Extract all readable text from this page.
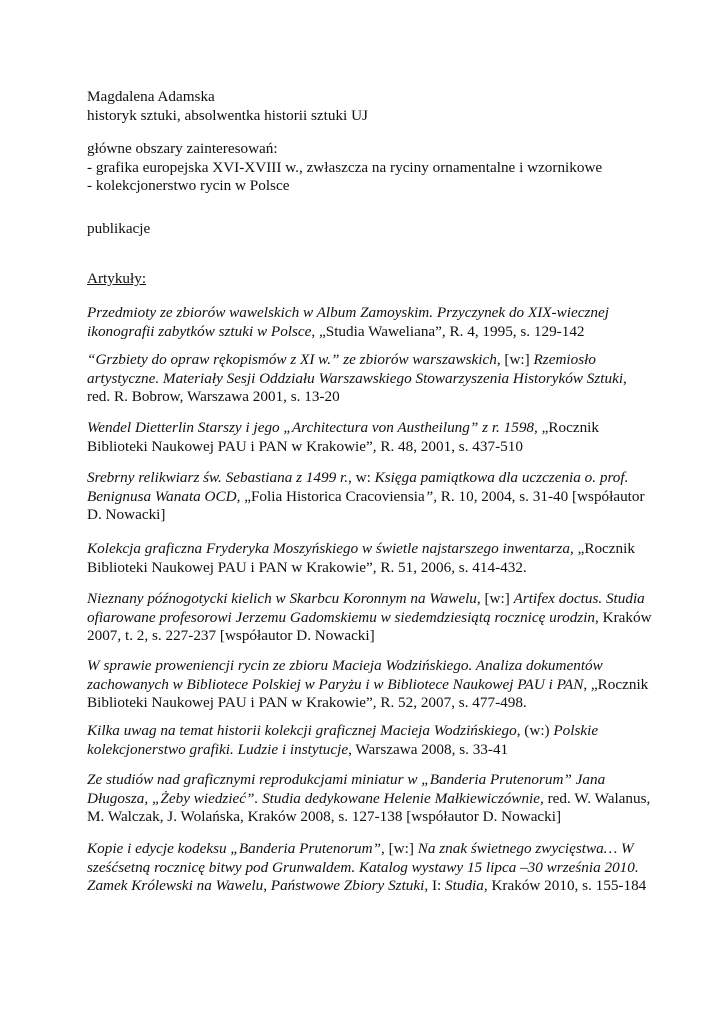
Magdalena Adamska
historyk sztuki, absolwentka historii sztuki UJ
główne obszary zainteresowań:
- grafika europejska XVI-XVIII w., zwłaszcza na ryciny ornamentalne i wzornikowe
- kolekcjonerstwo rycin w Polsce
publikacje
Artykuły:
Przedmioty ze zbiorów wawelskich w Album Zamoyskim. Przyczynek do XIX-wiecznej
ikonografii zabytków sztuki w Polsce, „Studia Waweliana”, R. 4, 1995, s. 129-142
“Grzbiety do opraw rękopismów z XI w.” ze zbiorów warszawskich, [w:] Rzemiosło
artystyczne. Materiały Sesji Oddziału Warszawskiego Stowarzyszenia Historyków Sztuki,
red. R. Bobrow, Warszawa 2001, s. 13-20
Wendel Dietterlin Starszy i jego „Architectura von Austheilung” z r. 1598, „Rocznik
Biblioteki Naukowej PAU i PAN w Krakowie”, R. 48, 2001, s. 437-510
Srebrny relikwiarz św. Sebastiana z 1499 r., w: Księga pamiątkowa dla uczczenia o. prof.
Benignusa Wanata OCD, „Folia Historica Cracoviensia”, R. 10, 2004, s. 31-40 [współautor
D. Nowacki]
Kolekcja graficzna Fryderyka Moszyńskiego w świetle najstarszego inwentarza, „Rocznik
Biblioteki Naukowej PAU i PAN w Krakowie”, R. 51, 2006, s. 414-432.
Nieznany późnogotycki kielich w Skarbcu Koronnym na Wawelu, [w:] Artifex doctus. Studia
ofiarowane profesorowi Jerzemu Gadomskiemu w siedemdziesiątą rocznicę urodzin, Kraków
2007, t. 2, s. 227-237 [współautor D. Nowacki]
W sprawie proweniencji rycin ze zbioru Macieja Wodzińskiego. Analiza dokumentów
zachowanych w Bibliotece Polskiej w Paryżu i w Bibliotece Naukowej PAU i PAN, „Rocznik
Biblioteki Naukowej PAU i PAN w Krakowie”, R. 52, 2007, s. 477-498.
Kilka uwag na temat historii kolekcji graficznej Macieja Wodzińskiego, (w:) Polskie
kolekcjonerstwo grafiki. Ludzie i instytucje, Warszawa 2008, s. 33-41
Ze studiów nad graficznymi reprodukcjami miniatur w „Banderia Prutenorum” Jana
Długosza, „Żeby wiedzieć”. Studia dedykowane Helenie Małkiewiczównie, red. W. Walanus,
M. Walczak, J. Wolańska, Kraków 2008, s. 127-138 [współautor D. Nowacki]
Kopie i edycje kodeksu „Banderia Prutenorum”, [w:] Na znak świetnego zwycięstwa… W
sześćsetną rocznicę bitwy pod Grunwaldem. Katalog wystawy 15 lipca –30 września 2010.
Zamek Królewski na Wawelu, Państwowe Zbiory Sztuki, I: Studia, Kraków 2010, s. 155-184
